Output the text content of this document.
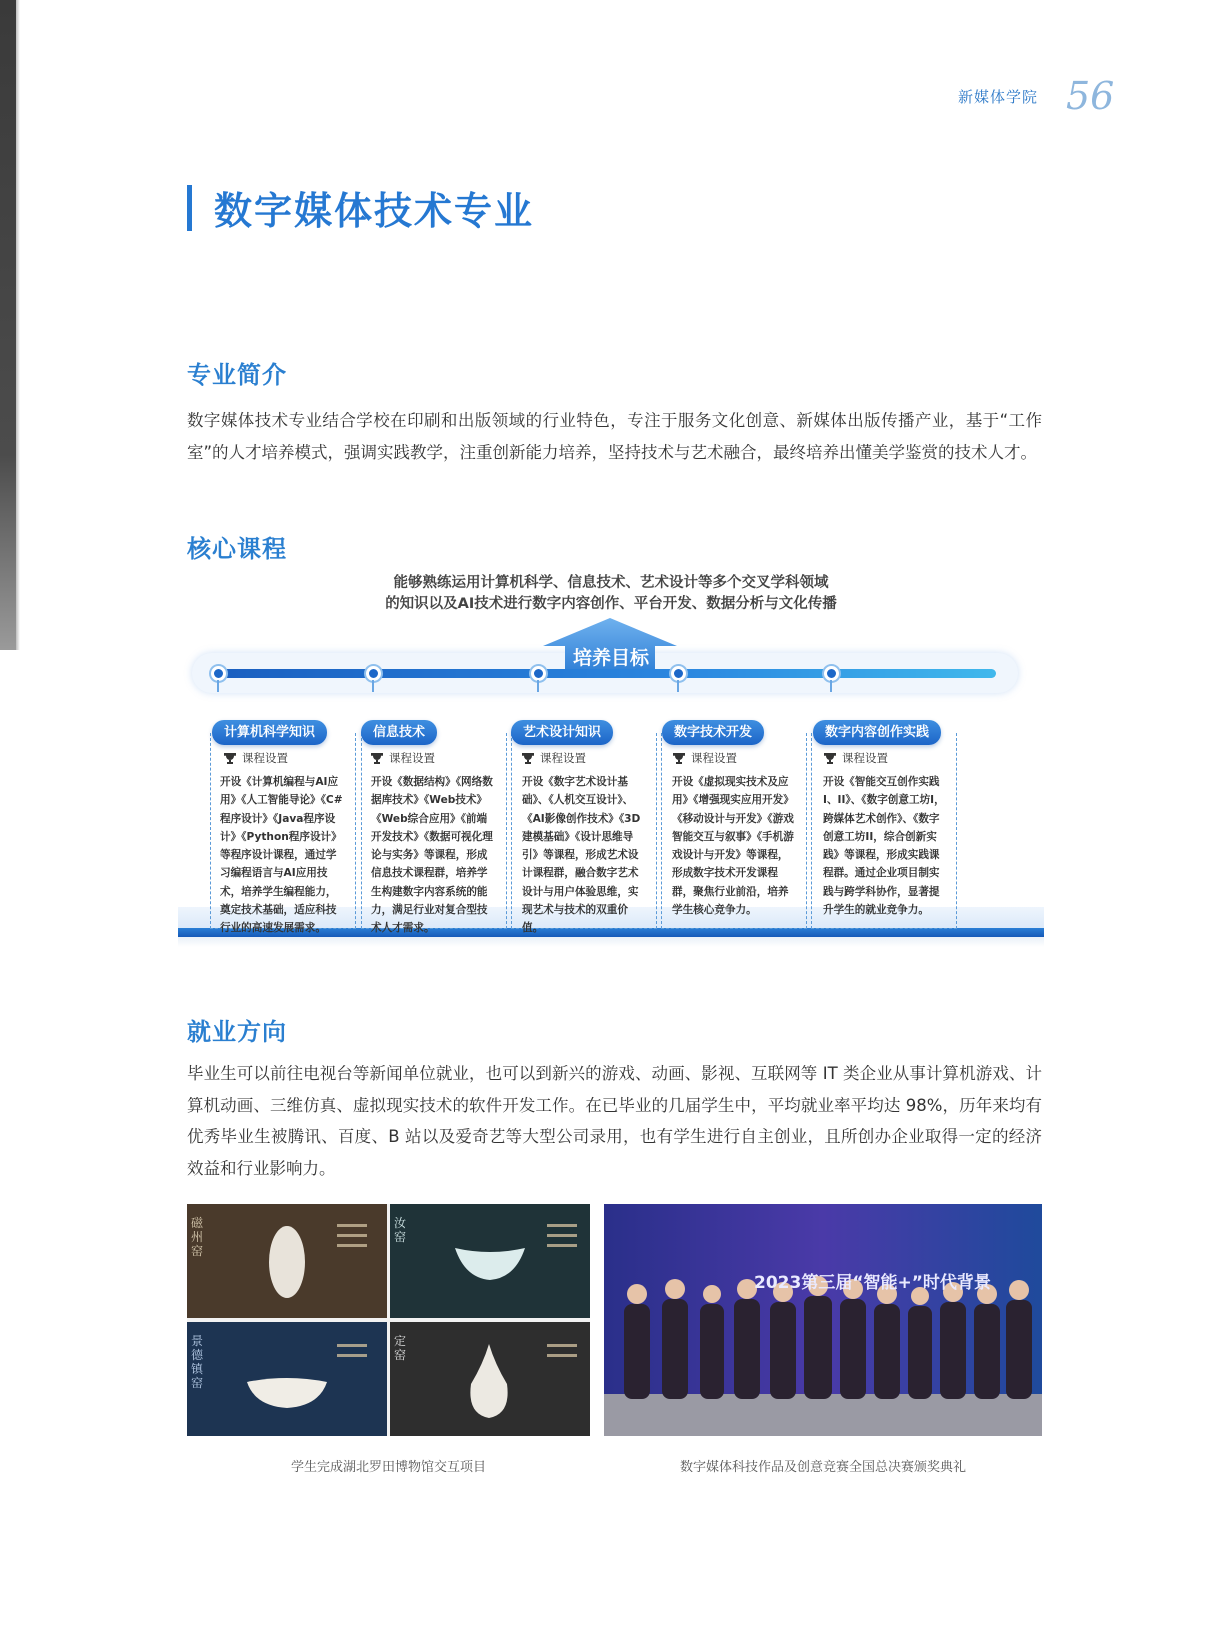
新媒体学院 56
数字媒体技术专业
专业简介
数字媒体技术专业结合学校在印刷和出版领域的行业特色，专注于服务文化创意、新媒体出版传播产业，基于“工作室”的人才培养模式，强调实践教学，注重创新能力培养，坚持技术与艺术融合，最终培养出懂美学鉴赏的技术人才。
核心课程
能够熟练运用计算机科学、信息技术、艺术设计等多个交叉学科领域
的知识以及AI技术进行数字内容创作、平台开发、数据分析与文化传播
培养目标
计算机科学知识
课程设置
开设《计算机编程与AI应用》《人工智能导论》《C#程序设计》《Java程序设计》《Python程序设计》等程序设计课程，通过学习编程语言与AI应用技术，培养学生编程能力，奠定技术基础，适应科技行业的高速发展需求。
信息技术
课程设置
开设《数据结构》《网络数据库技术》《Web技术》《Web综合应用》《前端开发技术》《数据可视化理论与实务》等课程，形成信息技术课程群，培养学生构建数字内容系统的能力，满足行业对复合型技术人才需求。
艺术设计知识
课程设置
开设《数字艺术设计基础》、《人机交互设计》、《AI影像创作技术》《3D建模基础》《设计思维导引》等课程，形成艺术设计课程群，融合数字艺术设计与用户体验思维，实现艺术与技术的双重价值。
数字技术开发
课程设置
开设《虚拟现实技术及应用》《增强现实应用开发》《移动设计与开发》《游戏智能交互与叙事》《手机游戏设计与开发》等课程，形成数字技术开发课程群，聚焦行业前沿，培养学生核心竞争力。
数字内容创作实践
课程设置
开设《智能交互创作实践I、II》、《数字创意工坊I，跨媒体艺术创作》、《数字创意工坊II，综合创新实践》等课程，形成实践课程群。通过企业项目制实践与跨学科协作，显著提升学生的就业竞争力。
就业方向
毕业生可以前往电视台等新闻单位就业，也可以到新兴的游戏、动画、影视、互联网等 IT 类企业从事计算机游戏、计算机动画、三维仿真、虚拟现实技术的软件开发工作。在已毕业的几届学生中，平均就业率平均达 98%，历年来均有优秀毕业生被腾讯、百度、B 站以及爱奇艺等大型公司录用，也有学生进行自主创业，且所创办企业取得一定的经济效益和行业影响力。
磁州窑
汝窑
景德镇窑
定窑
学生完成湖北罗田博物馆交互项目
2023第三届“智能+”时代背景
数字媒体科技作品及创意竞赛全国总决赛颁奖典礼
